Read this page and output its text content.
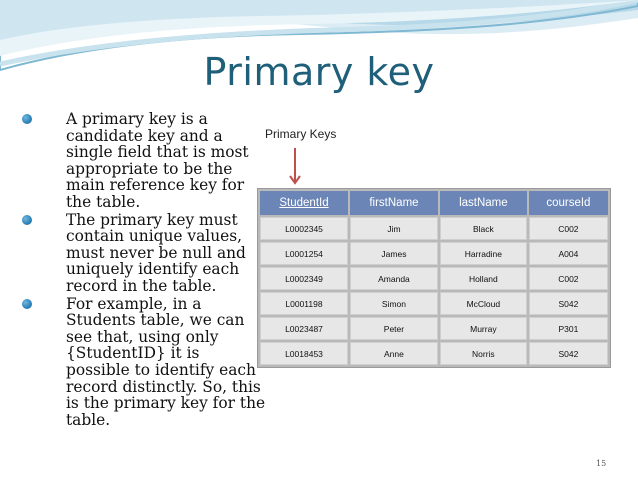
Primary key
A primary key is a candidate key and a single field that is most appropriate to be the main reference key for the table.
The primary key must contain unique values, must never be null and uniquely identify each record in the table.
For example, in a Students table, we can see that, using only {StudentID} it is possible to identify each record distinctly. So, this is the primary key for the table.
Primary Keys
StudentId	firstName	lastName	courseId
L0002345	Jim	Black	C002
L0001254	James	Harradine	A004
L0002349	Amanda	Holland	C002
L0001198	Simon	McCloud	S042
L0023487	Peter	Murray	P301
L0018453	Anne	Norris	S042
15
